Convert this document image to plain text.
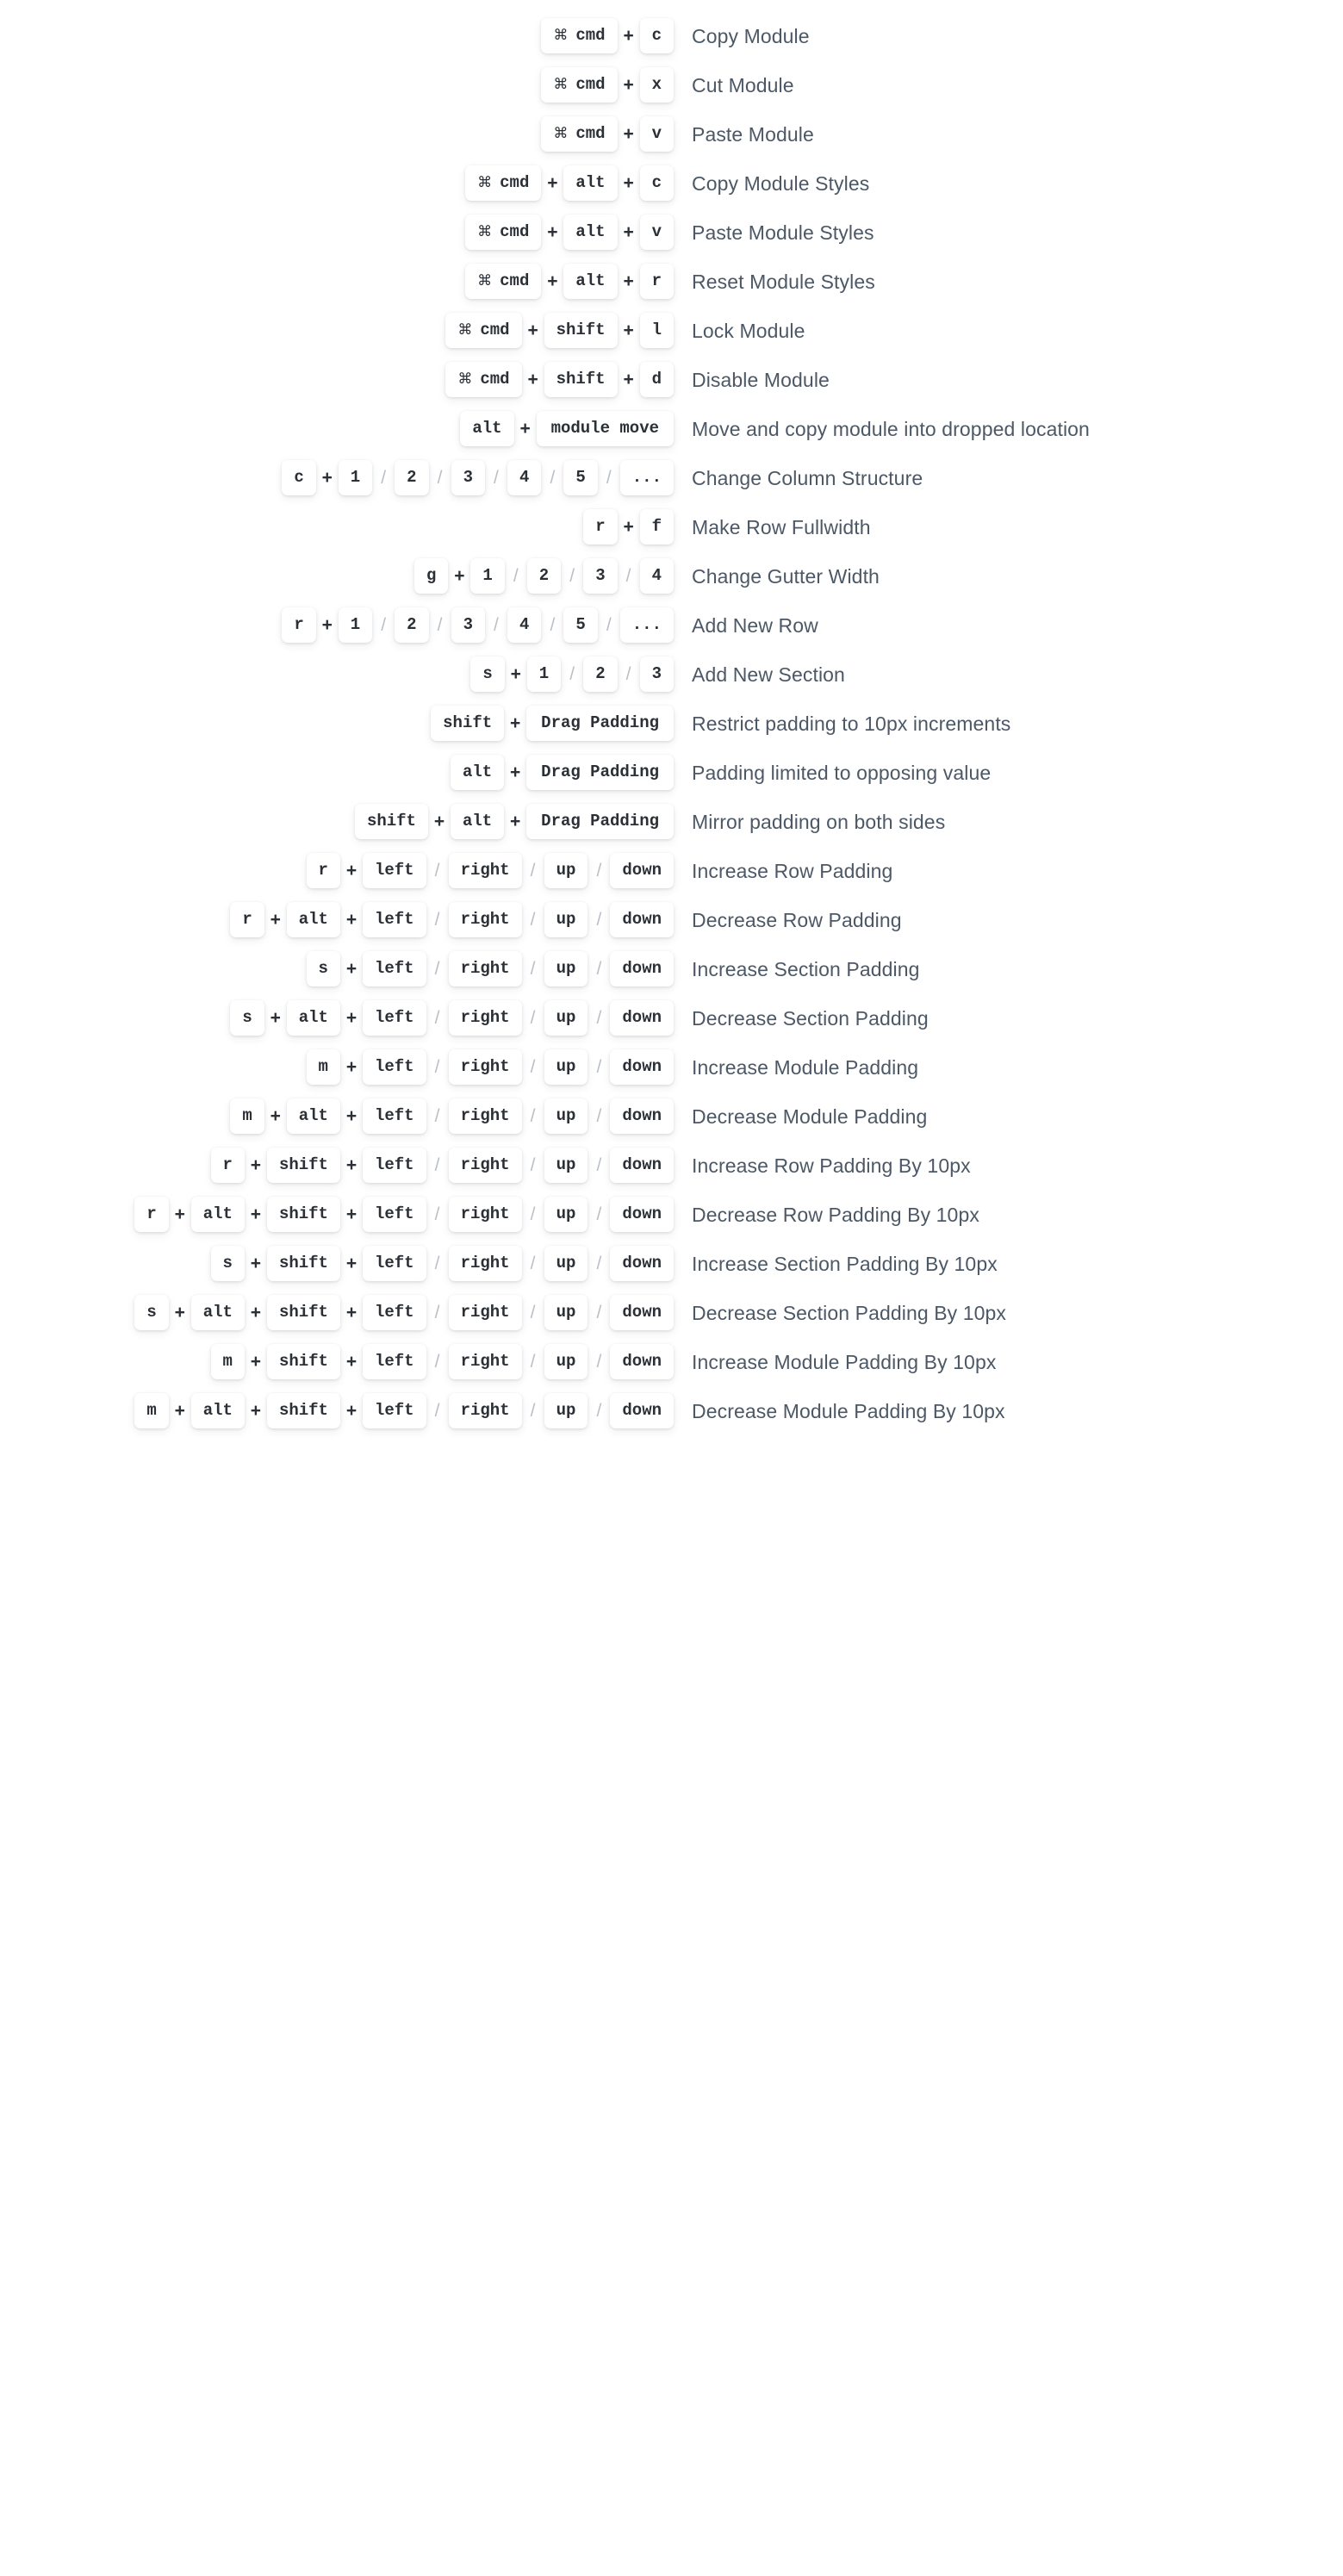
⌘ cmd +	c	Copy Module
⌘ cmd +	x	Cut Module
⌘ cmd +	v	Paste Module
⌘ cmd +	alt +	c	Copy Module Styles
⌘ cmd +	alt +	v	Paste Module Styles
⌘ cmd +	alt +	r	Reset Module Styles
⌘ cmd +	shift +	l	Lock Module
⌘ cmd +	shift +	d	Disable Module
alt +	module move	Move and copy module into dropped location
c +	1	/	2	/	3	/	4	/	5	/	...	Change Column Structure
r +	f	Make Row Fullwidth
g +	1	/	2	/	3	/	4	Change Gutter Width
r +	1	/	2	/	3	/	4	/	5	/	...	Add New Row
s +	1	/	2	/	3	Add New Section
shift +	Drag Padding	Restrict padding to 10px increments
alt +	Drag Padding	Padding limited to opposing value
shift +	alt +	Drag Padding	Mirror padding on both sides
r +	left	/	right	/	up	/	down	Increase Row Padding
r +	alt +	left	/	right	/	up	/	down	Decrease Row Padding
s +	left	/	right	/	up	/	down	Increase Section Padding
s +	alt +	left	/	right	/	up	/	down	Decrease Section Padding
m +	left	/	right	/	up	/	down	Increase Module Padding
m +	alt +	left	/	right	/	up	/	down	Decrease Module Padding
r +	shift +	left	/	right	/	up	/	down	Increase Row Padding By 10px
r +	alt +	shift +	left	/	right	/	up	/	down	Decrease Row Padding By 10px
s +	shift +	left	/	right	/	up	/	down	Increase Section Padding By 10px
s +	alt +	shift +	left	/	right	/	up	/	down	Decrease Section Padding By 10px
m +	shift +	left	/	right	/	up	/	down	Increase Module Padding By 10px
m +	alt +	shift +	left	/	right	/	up	/	down	Decrease Module Padding By 10px
